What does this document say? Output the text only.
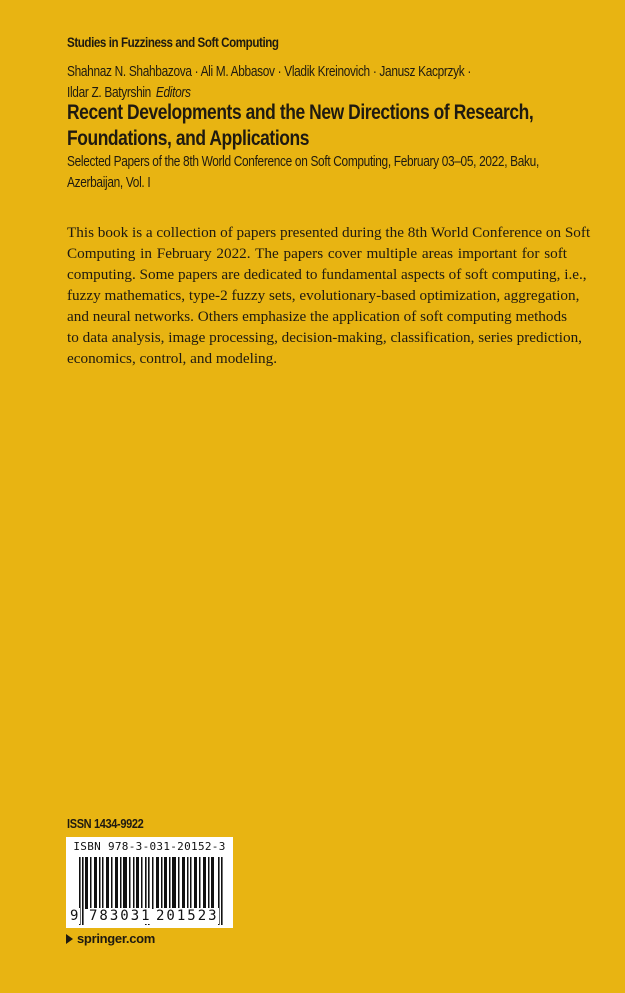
Studies in Fuzziness and Soft Computing
Shahnaz N. Shahbazova · Ali M. Abbasov · Vladik Kreinovich · Janusz Kacprzyk ·
Ildar Z. Batyrshin Editors
Recent Developments and the New Directions of Research,
Foundations, and Applications
Selected Papers of the 8th World Conference on Soft Computing, February 03–05, 2022, Baku,
Azerbaijan, Vol. I
This book is a collection of papers presented during the 8th World Conference on Soft
Computing in February 2022. The papers cover multiple areas important for soft
computing. Some papers are dedicated to fundamental aspects of soft computing, i.e.,
fuzzy mathematics, type-2 fuzzy sets, evolutionary-based optimization, aggregation,
and neural networks. Others emphasize the application of soft computing methods
to data analysis, image processing, decision-making, classification, series prediction,
economics, control, and modeling.
ISSN 1434-9922
ISBN 978-3-031-20152-3
9 783031 201523
springer.com
